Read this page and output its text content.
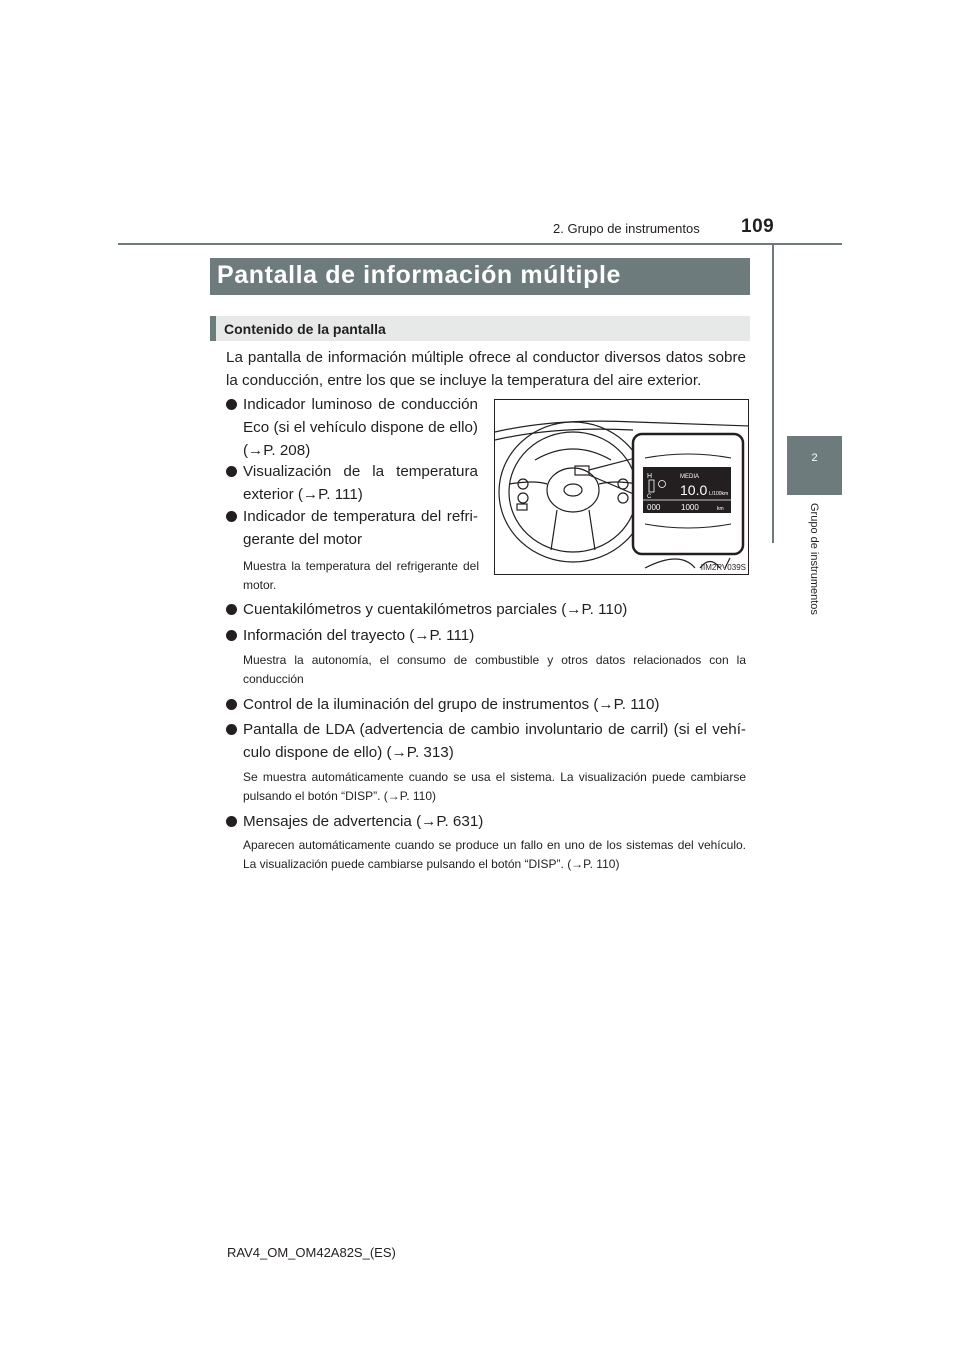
2. Grupo de instrumentos 109
2
Grupo de instrumentos
Pantalla de información múltiple
Contenido de la pantalla
La pantalla de información múltiple ofrece al conductor diversos datos sobre la conducción, entre los que se incluye la temperatura del aire exterior.
Indicador luminoso de conducción Eco (si el vehículo dispone de ello) (→P. 208)
Visualización de la temperatura exterior (→P. 111)
Indicador de temperatura del refri-gerante del motor
Muestra la temperatura del refrigerante del motor.
H
C
MEDIA
10.0 L/100km
000	1000	km
IIM2RV039S
Cuentakilómetros y cuentakilómetros parciales (→P. 110)
Información del trayecto (→P. 111)
Muestra la autonomía, el consumo de combustible y otros datos relacionados con la conducción
Control de la iluminación del grupo de instrumentos (→P. 110)
Pantalla de LDA (advertencia de cambio involuntario de carril) (si el vehí-culo dispone de ello) (→P. 313)
Se muestra automáticamente cuando se usa el sistema. La visualización puede cambiarse pulsando el botón “DISP”. (→P. 110)
Mensajes de advertencia (→P. 631)
Aparecen automáticamente cuando se produce un fallo en uno de los sistemas del vehículo. La visualización puede cambiarse pulsando el botón “DISP”. (→P. 110)
RAV4_OM_OM42A82S_(ES)
